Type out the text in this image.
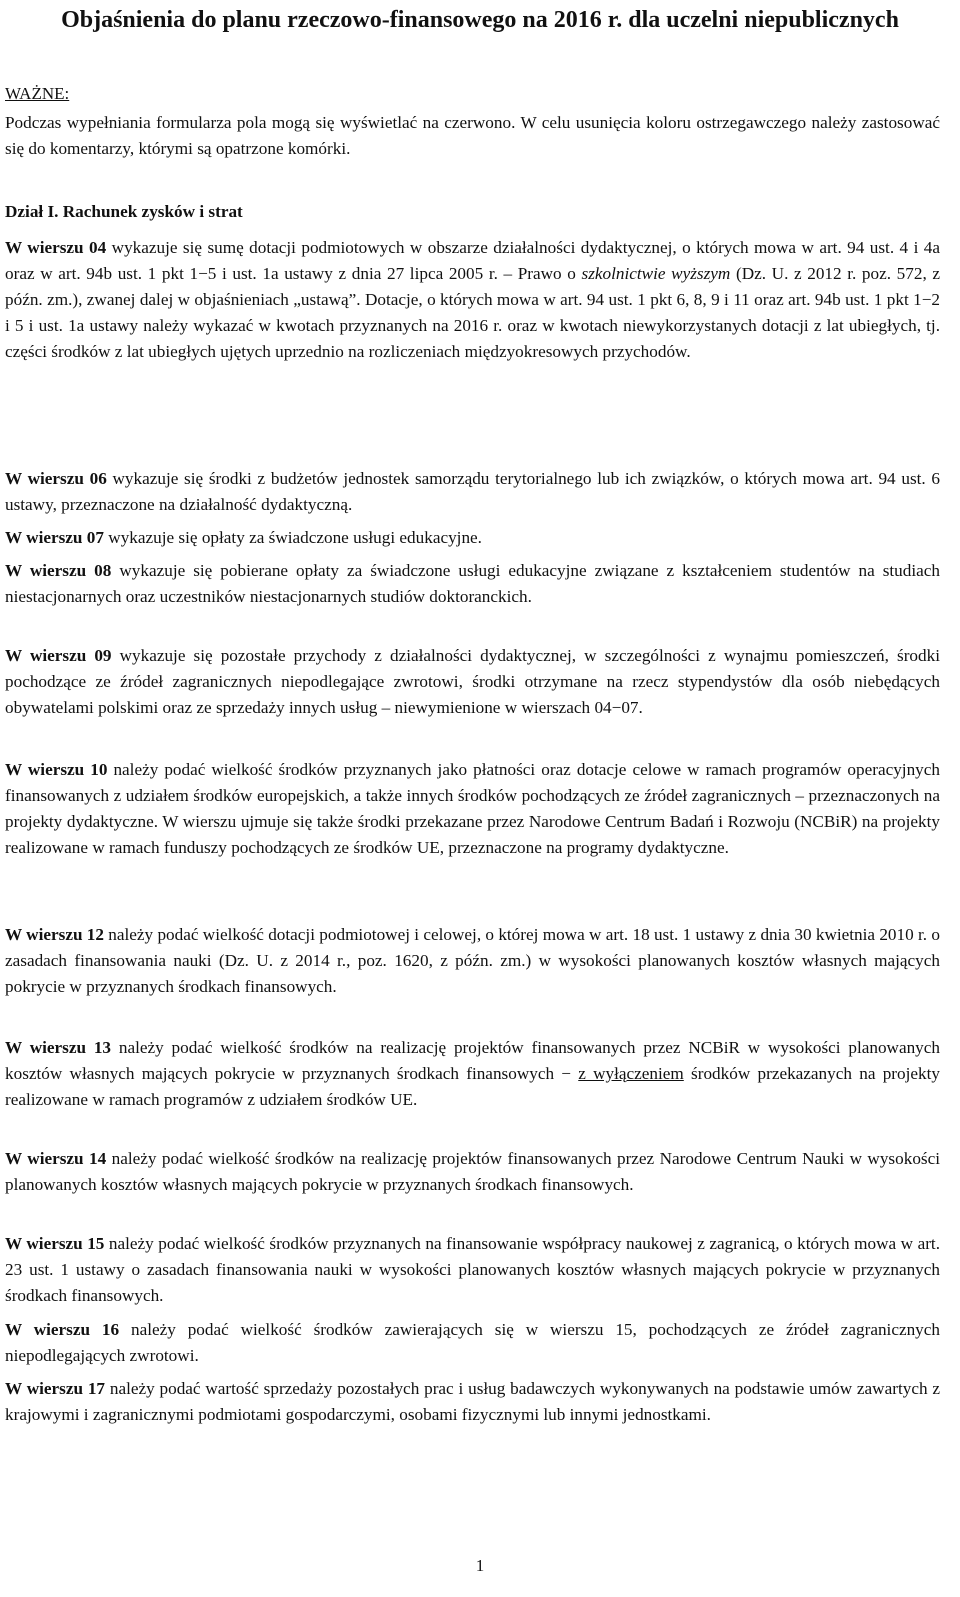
Objaśnienia do planu rzeczowo-finansowego na 2016 r. dla uczelni niepublicznych

WAŻNE:

Podczas wypełniania formularza pola mogą się wyświetlać na czerwono. W celu usunięcia koloru ostrzegawczego należy zastosować się do komentarzy, którymi są opatrzone komórki.

Dział I. Rachunek zysków i strat

W wierszu 04 wykazuje się sumę dotacji podmiotowych w obszarze działalności dydaktycznej, o których mowa w art. 94 ust. 4 i 4a oraz w art. 94b ust. 1 pkt 1−5 i ust. 1a ustawy z dnia 27 lipca 2005 r. – Prawo o szkolnictwie wyższym (Dz. U. z 2012 r. poz. 572, z późn. zm.), zwanej dalej w objaśnieniach „ustawą”. Dotacje, o których mowa w art. 94 ust. 1 pkt 6, 8, 9 i 11 oraz art. 94b ust. 1 pkt 1−2 i 5 i ust. 1a ustawy należy wykazać w kwotach przyznanych na 2016 r. oraz w kwotach niewykorzystanych dotacji z lat ubiegłych, tj. części środków z lat ubiegłych ujętych uprzednio na rozliczeniach międzyokresowych przychodów.

W wierszu 06 wykazuje się środki z budżetów jednostek samorządu terytorialnego lub ich związków, o których mowa art. 94 ust. 6 ustawy, przeznaczone na działalność dydaktyczną.

W wierszu 07 wykazuje się opłaty za świadczone usługi edukacyjne.

W wierszu 08 wykazuje się pobierane opłaty za świadczone usługi edukacyjne związane z kształceniem studentów na studiach niestacjonarnych oraz uczestników niestacjonarnych studiów doktoranckich.

W wierszu 09 wykazuje się pozostałe przychody z działalności dydaktycznej, w szczególności z wynajmu pomieszczeń, środki pochodzące ze źródeł zagranicznych niepodlegające zwrotowi, środki otrzymane na rzecz stypendystów dla osób niebędących obywatelami polskimi oraz ze sprzedaży innych usług – niewymienione w wierszach 04−07.

W wierszu 10 należy podać wielkość środków przyznanych jako płatności oraz dotacje celowe w ramach programów operacyjnych finansowanych z udziałem środków europejskich, a także innych środków pochodzących ze źródeł zagranicznych – przeznaczonych na projekty dydaktyczne. W wierszu ujmuje się także środki przekazane przez Narodowe Centrum Badań i Rozwoju (NCBiR) na projekty realizowane w ramach funduszy pochodzących ze środków UE, przeznaczone na programy dydaktyczne.

W wierszu 12 należy podać wielkość dotacji podmiotowej i celowej, o której mowa w art. 18 ust. 1 ustawy z dnia 30 kwietnia 2010 r. o zasadach finansowania nauki (Dz. U. z 2014 r., poz. 1620, z późn. zm.) w wysokości planowanych kosztów własnych mających pokrycie w przyznanych środkach finansowych.

W wierszu 13 należy podać wielkość środków na realizację projektów finansowanych przez NCBiR w wysokości planowanych kosztów własnych mających pokrycie w przyznanych środkach finansowych − z wyłączeniem środków przekazanych na projekty realizowane w ramach programów z udziałem środków UE.

W wierszu 14 należy podać wielkość środków na realizację projektów finansowanych przez Narodowe Centrum Nauki w wysokości planowanych kosztów własnych mających pokrycie w przyznanych środkach finansowych.

W wierszu 15 należy podać wielkość środków przyznanych na finansowanie współpracy naukowej z zagranicą, o których mowa w art. 23 ust. 1 ustawy o zasadach finansowania nauki w wysokości planowanych kosztów własnych mających pokrycie w przyznanych środkach finansowych.

W wierszu 16 należy podać wielkość środków zawierających się w wierszu 15, pochodzących ze źródeł zagranicznych niepodlegających zwrotowi.

W wierszu 17 należy podać wartość sprzedaży pozostałych prac i usług badawczych wykonywanych na podstawie umów zawartych z krajowymi i zagranicznymi podmiotami gospodarczymi, osobami fizycznymi lub innymi jednostkami.

1
